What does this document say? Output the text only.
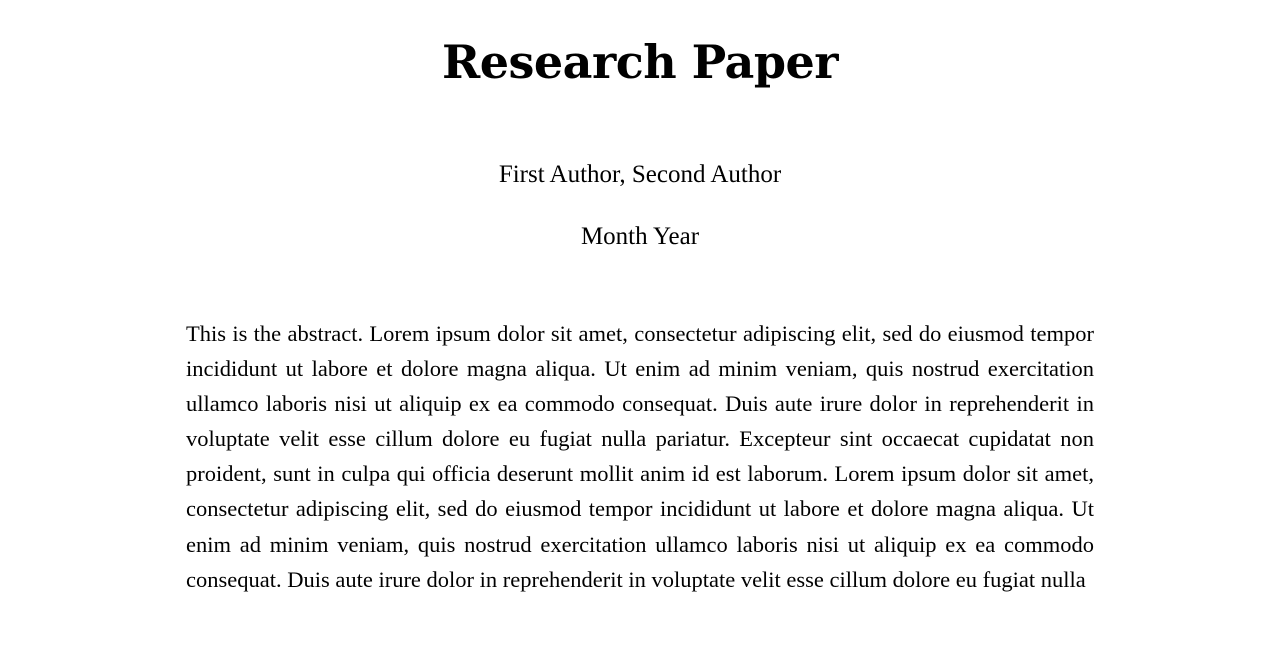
Research Paper
First Author, Second Author
Month Year

This is the abstract. Lorem ipsum dolor sit amet, consectetur adipiscing elit, sed do eiusmod tempor incididunt ut labore et dolore magna aliqua. Ut enim ad minim veniam, quis nostrud exercitation ullamco laboris nisi ut aliquip ex ea commodo consequat. Duis aute irure dolor in reprehenderit in voluptate velit esse cillum dolore eu fugiat nulla pariatur. Excepteur sint occaecat cupidatat non proident, sunt in culpa qui officia deserunt mollit anim id est laborum. Lorem ipsum dolor sit amet, consectetur adipiscing elit, sed do eiusmod tempor incididunt ut labore et dolore magna aliqua. Ut enim ad minim veniam, quis nostrud exercitation ullamco laboris nisi ut aliquip ex ea commodo consequat. Duis aute irure dolor in reprehenderit in voluptate velit esse cillum dolore eu fugiat nulla
